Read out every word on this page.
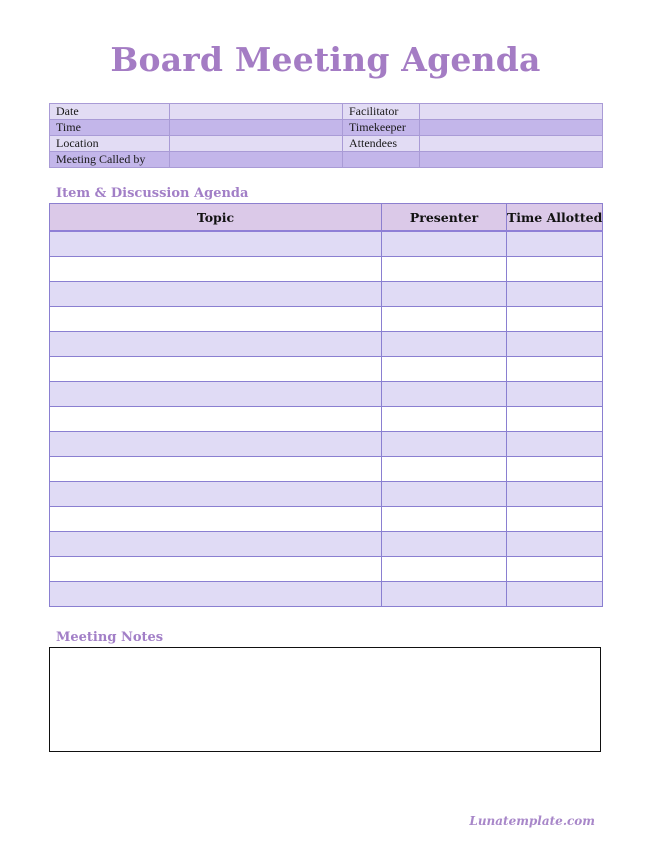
Board Meeting Agenda
Date		Facilitator	
Time		Timekeeper	
Location		Attendees	
Meeting Called by			
Item & Discussion Agenda
Topic	Presenter	Time Allotted

Meeting Notes
Lunatemplate.com
